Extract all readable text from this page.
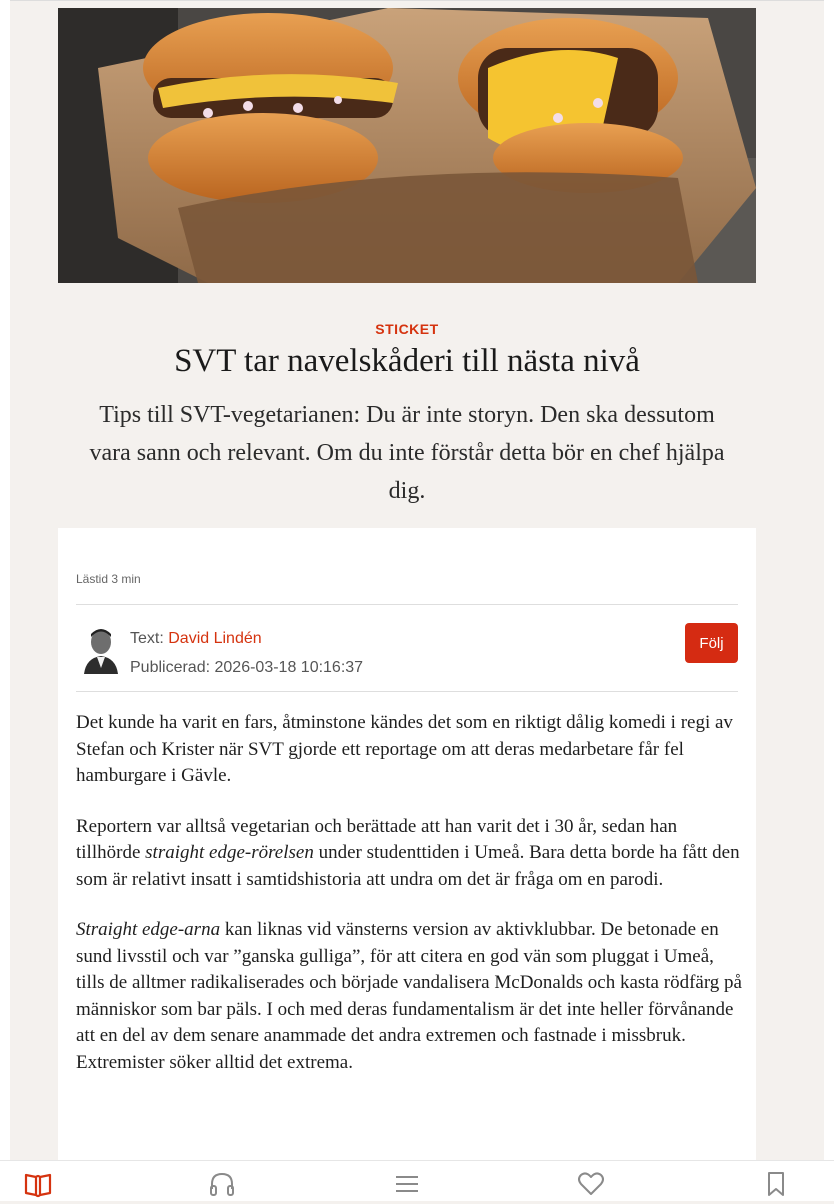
STICKET
SVT tar navelskåderi till nästa nivå

Tips till SVT-vegetarianen: Du är inte storyn. Den ska dessutom vara sann och relevant. Om du inte förstår detta bör en chef hjälpa dig.

Lästid 3 min
Text: David Lindén
Publicerad: 2026-03-18 10:16:37
Följ

Det kunde ha varit en fars, åtminstone kändes det som en riktigt dålig komedi i regi av Stefan och Krister när SVT gjorde ett reportage om att deras medarbetare får fel hamburgare i Gävle.

Reportern var alltså vegetarian och berättade att han varit det i 30 år, sedan han tillhörde straight edge-rörelsen under studenttiden i Umeå. Bara detta borde ha fått den som är relativt insatt i samtidshistoria att undra om det är fråga om en parodi.

Straight edge-arna kan liknas vid vänsterns version av aktivklubbar. De betonade en sund livsstil och var ”ganska gulliga”, för att citera en god vän som pluggat i Umeå, tills de alltmer radikaliserades och började vandalisera McDonalds och kasta rödfärg på människor som bar päls. I och med deras fundamentalism är det inte heller förvånande att en del av dem senare anammade det andra extremen och fastnade i missbruk. Extremister söker alltid det extrema.
